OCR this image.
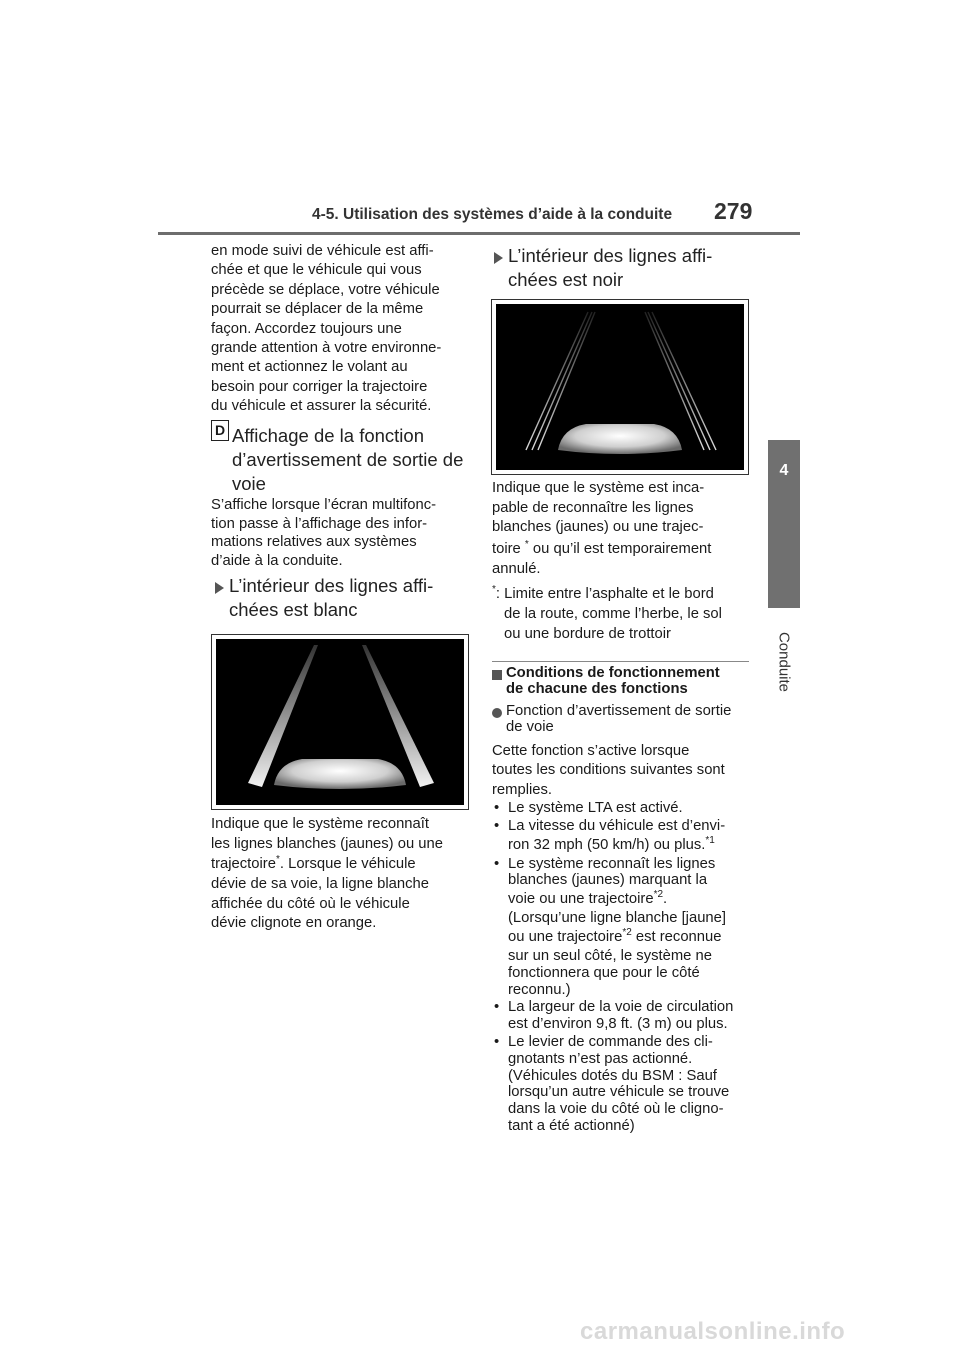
4-5. Utilisation des systèmes d’aide à la conduite 279
4
Conduite

en mode suivi de véhicule est affi-

chée et que le véhicule qui vous

précède se déplace, votre véhicule

pourrait se déplacer de la même

façon. Accordez toujours une

grande attention à votre environne-

ment et actionnez le volant au

besoin pour corriger la trajectoire

du véhicule et assurer la sécurité.

D Affichage de la fonction
d’avertissement de sortie de
voie

S’affiche lorsque l’écran multifonc-

tion passe à l’affichage des infor-

mations relatives aux systèmes

d’aide à la conduite.

L’intérieur des lignes affi-
chées est blanc

Indique que le système reconnaît

les lignes blanches (jaunes) ou une

trajectoire*. Lorsque le véhicule

dévie de sa voie, la ligne blanche

affichée du côté où le véhicule

dévie clignote en orange.

L’intérieur des lignes affi-
chées est noir

Indique que le système est inca-

pable de reconnaître les lignes

blanches (jaunes) ou une trajec-

toire * ou qu’il est temporairement

annulé.

*: Limite entre l’asphalte et le bord

de la route, comme l’herbe, le sol

ou une bordure de trottoir

Conditions de fonctionnement
de chacune des fonctions
Fonction d’avertissement de sortie
de voie

Cette fonction s’active lorsque

toutes les conditions suivantes sont

remplies.

• Le système LTA est activé.
• La vitesse du véhicule est d’envi-
ron 32 mph (50 km/h) ou plus.$^{*1}$
• Le système reconnaît les lignes
blanches (jaunes) marquant la
voie ou une trajectoire$^{*2}$.
(Lorsqu’une ligne blanche [jaune]
ou une trajectoire$^{*2}$ est reconnue
sur un seul côté, le système ne
fonctionnera que pour le côté
reconnu.)
• La largeur de la voie de circulation
est d’environ 9,8 ft. (3 m) ou plus.
• Le levier de commande des cli-
gnotants n’est pas actionné.
(Véhicules dotés du BSM : Sauf
lorsqu’un autre véhicule se trouve
dans la voie du côté où le cligno-
tant a été actionné)
carmanualsonline.info
